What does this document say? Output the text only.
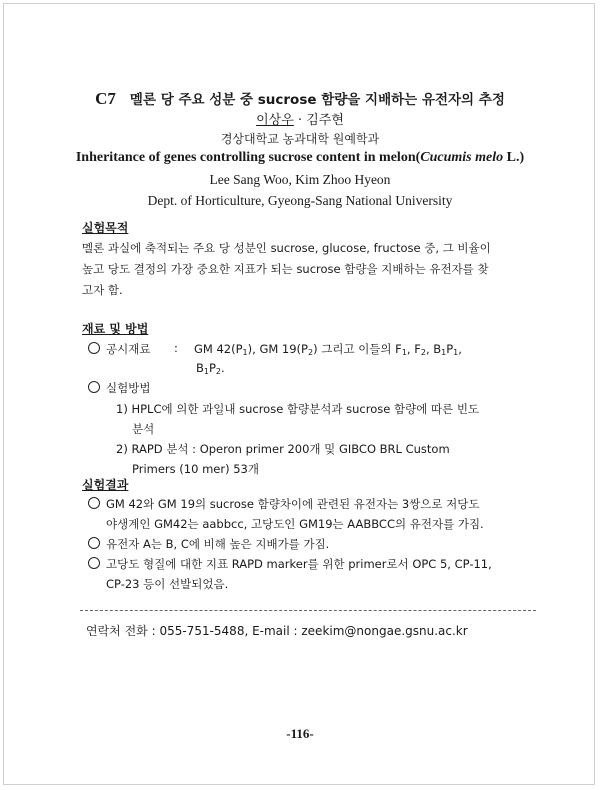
C7 멜론 당 주요 성분 중 sucrose 함량을 지배하는 유전자의 추정
이상우 · 김주현
경상대학교 농과대학 원예학과
Inheritance of genes controlling sucrose content in melon(Cucumis melo L.)
Lee Sang Woo, Kim Zhoo Hyeon
Dept. of Horticulture, Gyeong-Sang National University
실험목적
멜론 과실에 축적되는 주요 당 성분인 sucrose, glucose, fructose 중, 그 비율이
높고 당도 결정의 가장 중요한 지표가 되는 sucrose 함량을 지배하는 유전자를 찾
고자 함.
재료 및 방법
공시재료 : GM $42(P_1)$, GM $19(P_2)$ 그리고 이들의 $F_1$, $F_2$, $B_1P_1$,
$B_1P_2$.
실험방법
1) HPLC에 의한 과일내 sucrose 함량분석과 sucrose 함량에 따른 빈도
분석
2) RAPD 분석 : Operon primer 200개 및 GIBCO BRL Custom
Primers (10 mer) 53개
실험결과
GM 42와 GM 19의 sucrose 함량차이에 관련된 유전자는 3쌍으로 저당도
야생계인 GM42는 aabbcc, 고당도인 GM19는 AABBCC의 유전자를 가짐.
유전자 A는 B, C에 비해 높은 지배가를 가짐.
고당도 형질에 대한 지표 RAPD marker를 위한 primer로서 OPC 5, CP-11,
CP-23 등이 선발되었음.
연락처 전화 : 055-751-5488, E-mail : zeekim@nongae.gsnu.ac.kr
-116-
